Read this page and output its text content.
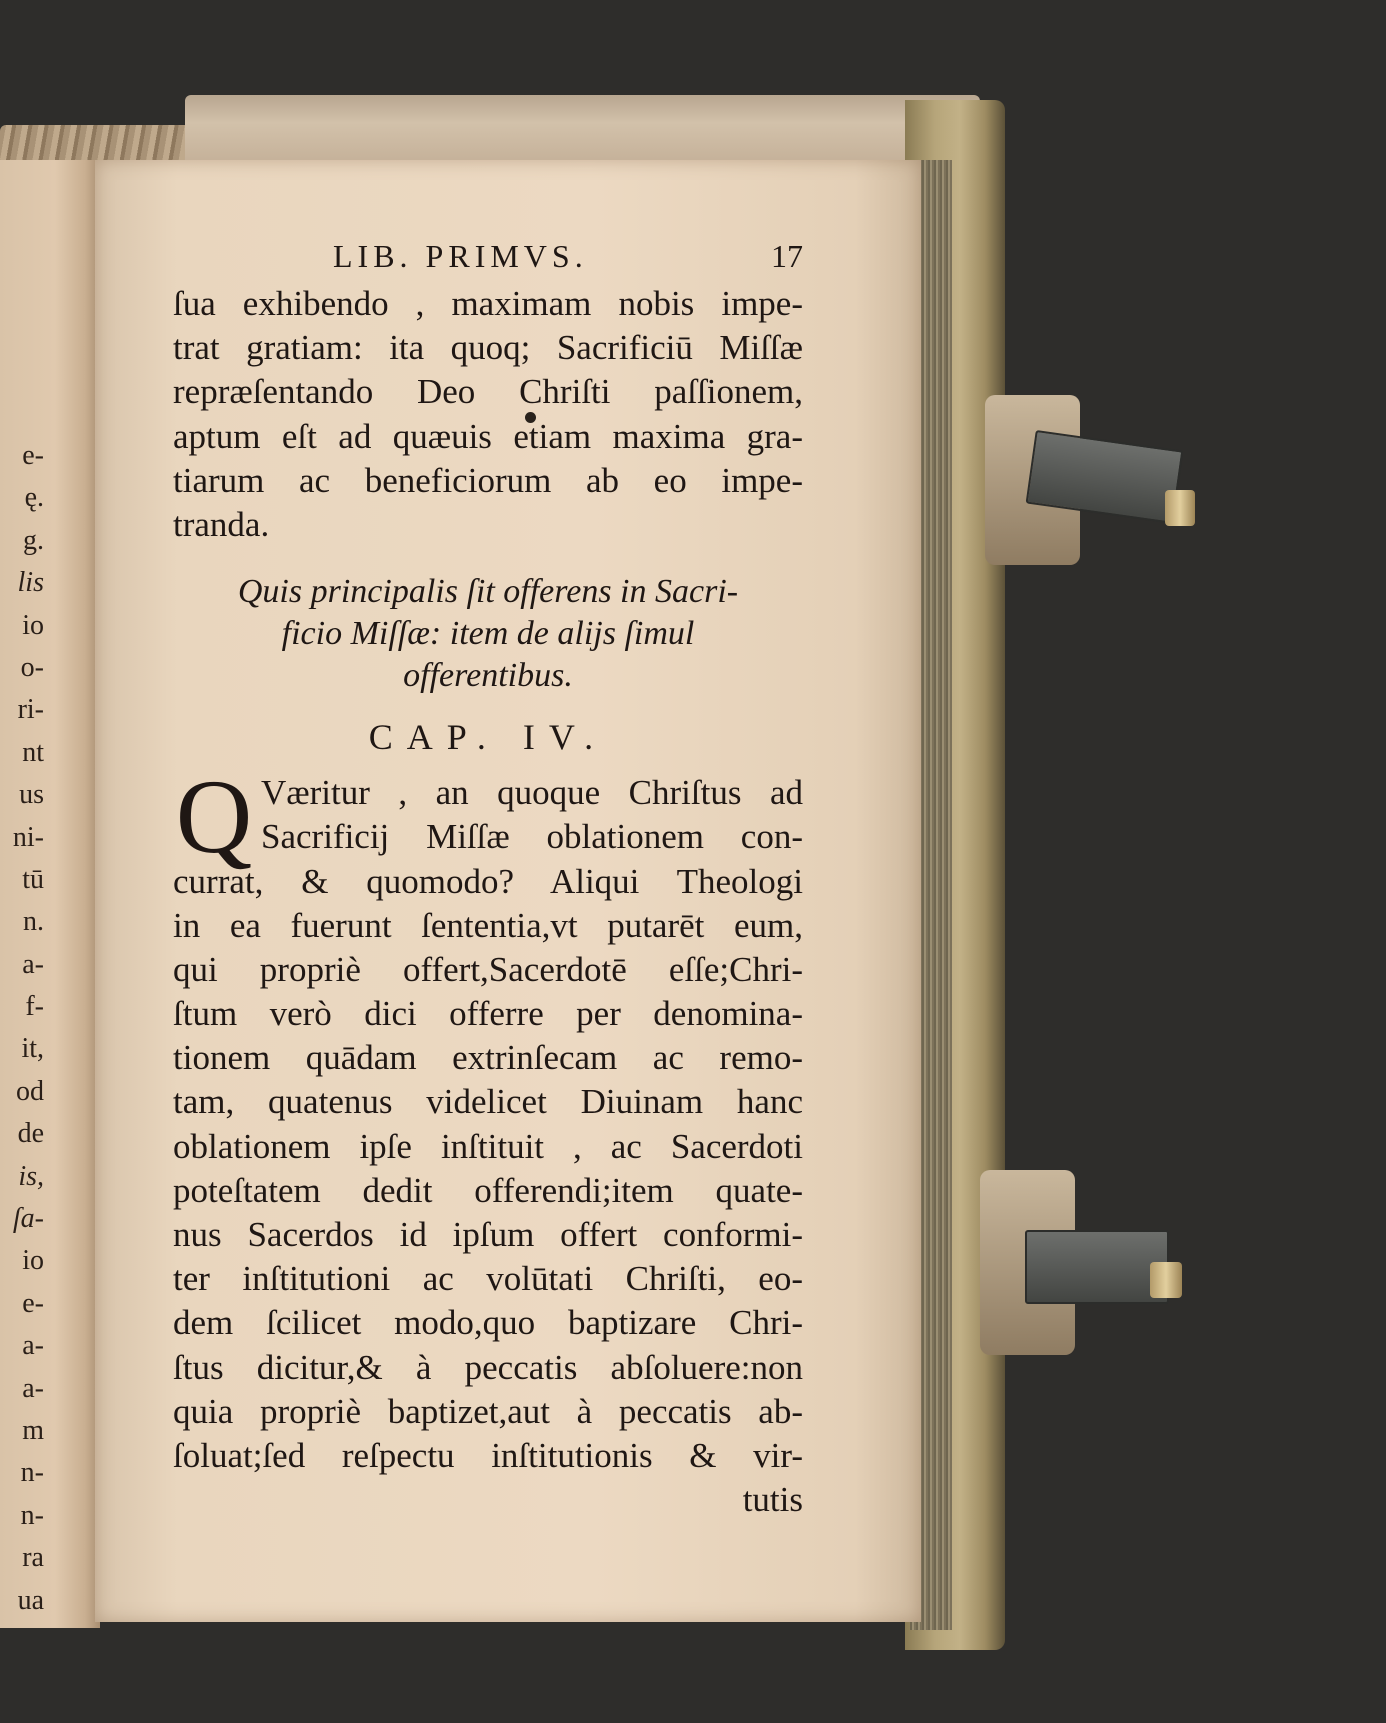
e-
ę.
g.
lis
io
o-
ri-
nt
us
ni-
tū
n.
a-
f-
it,
od
de
is,
ſa-
io
e-
a-
a-
m
n-
n-
ra
ua
LIB. PRIMVS.	17
ſua exhibendo , maximam nobis impe-
trat gratiam: ita quoq; Sacrificiū Miſſæ
repræſentando Deo Chriſti paſſionem,
aptum eſt ad quæuis etiam maxima gra-
tiarum ac beneficiorum ab eo impe-
tranda.
Quis principalis ſit offerens in Sacri-
ficio Miſſæ: item de alijs ſimul
offerentibus.
CAP. IV.
Q Væritur , an quoque Chriſtus ad
Sacrificij Miſſæ oblationem con-
currat, & quomodo? Aliqui Theologi
in ea fuerunt ſententia,vt putarēt eum,
qui propriè offert,Sacerdotē eſſe;Chri-
ſtum verò dici offerre per denomina-
tionem quādam extrinſecam ac remo-
tam, quatenus videlicet Diuinam hanc
oblationem ipſe inſtituit , ac Sacerdoti
poteſtatem dedit offerendi;item quate-
nus Sacerdos id ipſum offert conformi-
ter inſtitutioni ac volūtati Chriſti, eo-
dem ſcilicet modo,quo baptizare Chri-
ſtus dicitur,& à peccatis abſoluere:non
quia propriè baptizet,aut à peccatis ab-
ſoluat;ſed reſpectu inſtitutionis & vir-
tutis
